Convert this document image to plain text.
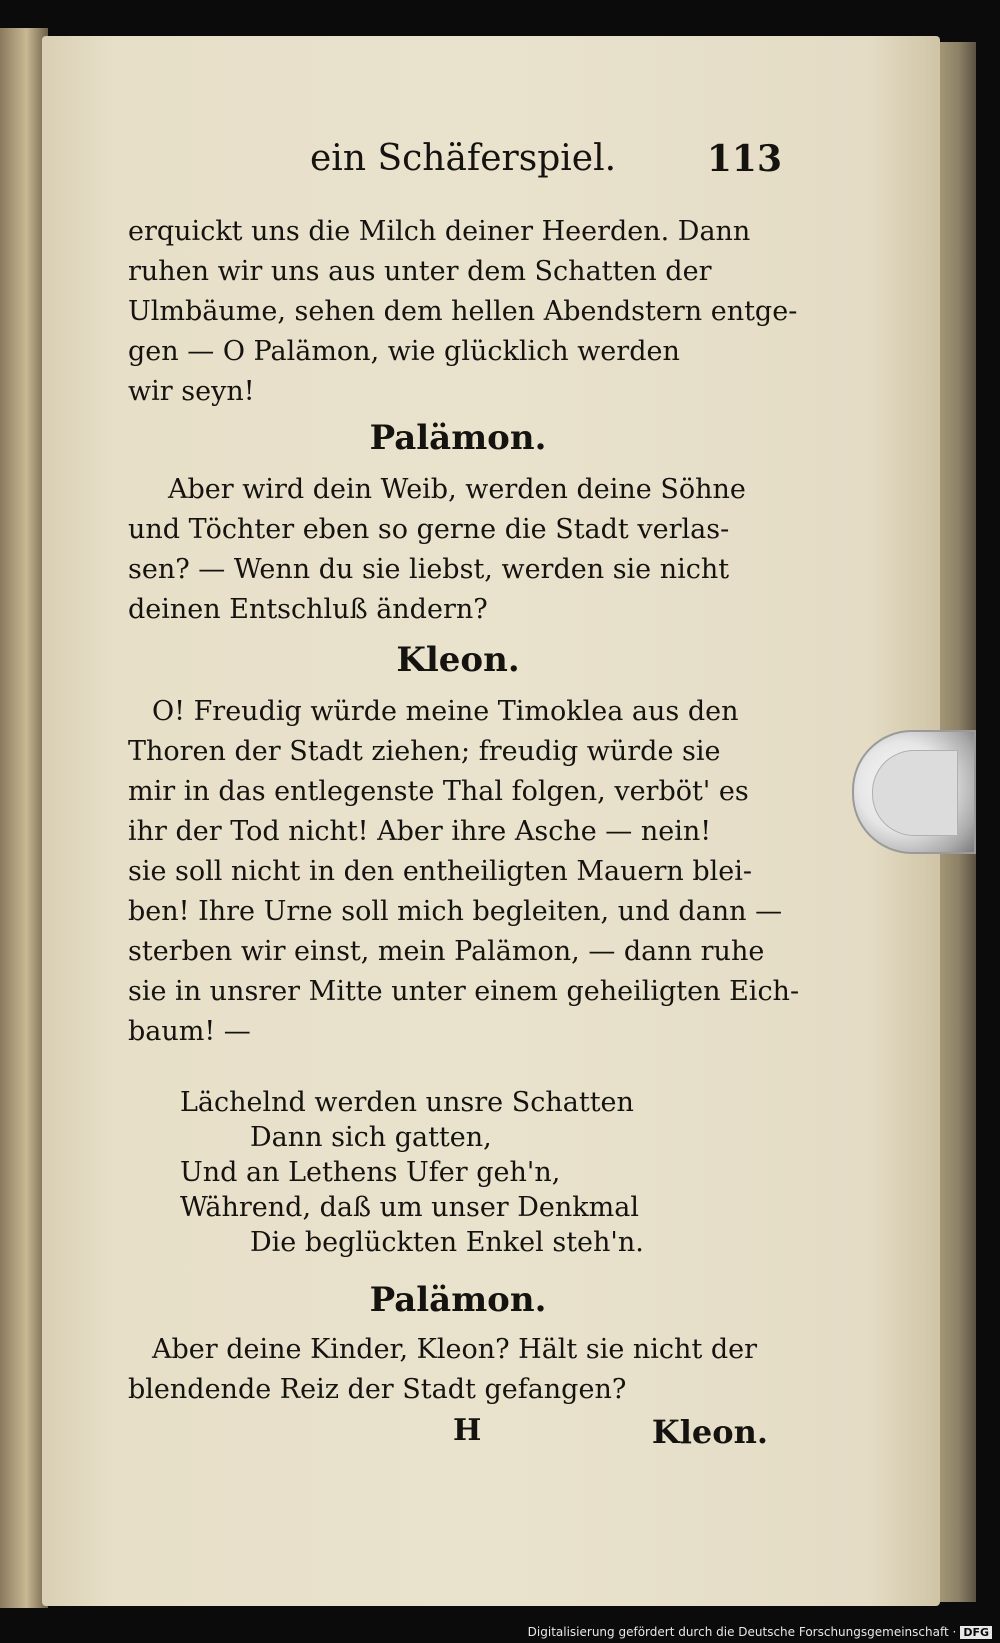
ein Schäferspiel.	113
erquickt uns die Milch deiner Heerden. Dann
ruhen wir uns aus unter dem Schatten der
Ulmbäume, sehen dem hellen Abendstern entge-
gen — O Palämon, wie glücklich werden
wir seyn!
Palämon.
Aber wird dein Weib, werden deine Söhne
und Töchter eben so gerne die Stadt verlas-
sen? — Wenn du sie liebst, werden sie nicht
deinen Entschluß ändern?
Kleon.
O! Freudig würde meine Timoklea aus den
Thoren der Stadt ziehen; freudig würde sie
mir in das entlegenste Thal folgen, verböt' es
ihr der Tod nicht! Aber ihre Asche — nein!
sie soll nicht in den entheiligten Mauern blei-
ben! Ihre Urne soll mich begleiten, und dann —
sterben wir einst, mein Palämon, — dann ruhe
sie in unsrer Mitte unter einem geheiligten Eich-
baum! —
Lächelnd werden unsre Schatten
Dann sich gatten,
Und an Lethens Ufer geh'n,
Während, daß um unser Denkmal
Die beglückten Enkel steh'n.
Palämon.
Aber deine Kinder, Kleon? Hält sie nicht der
blendende Reiz der Stadt gefangen?
H	Kleon.
Digitalisierung gefördert durch die Deutsche Forschungsgemeinschaft · DFG
